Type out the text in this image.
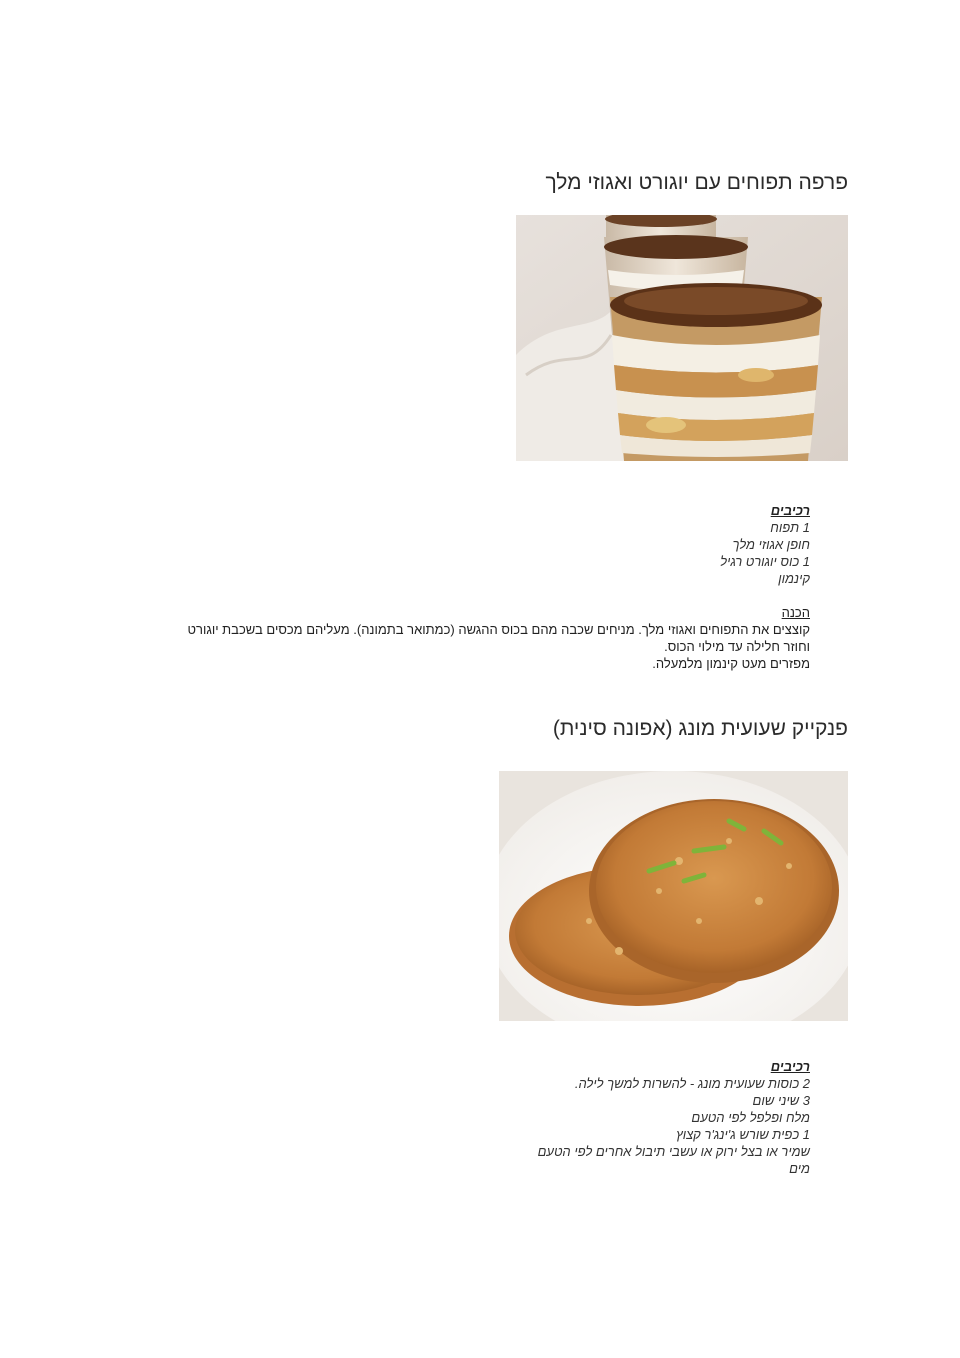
פרפה תפוחים עם יוגורט ואגוזי מלך
רכיבים
1 תפוח
חופן אגוזי מלך
1 כוס יוגורט רגיל
קינמון
הכנה

קוצצים את התפוחים ואגוזי מלך. מניחים שכבה מהם בכוס ההגשה (כמתואר בתמונה). מעליהם מכסים בשכבת יוגורט

וחוזר חלילה עד מילוי הכוס.

מפזרים מעט קינמון מלמעלה.

פנקייק שעועית מונג (אפונה סינית)
רכיבים
2 כוסות שעועית מונג - להשרות למשך לילה.
3 שיני שום
מלח ופלפל לפי הטעם
1 כפית שורש ג'ינג'ר קצוץ
שמיר או בצל ירוק או עשבי תיבול אחרים לפי הטעם
מים
